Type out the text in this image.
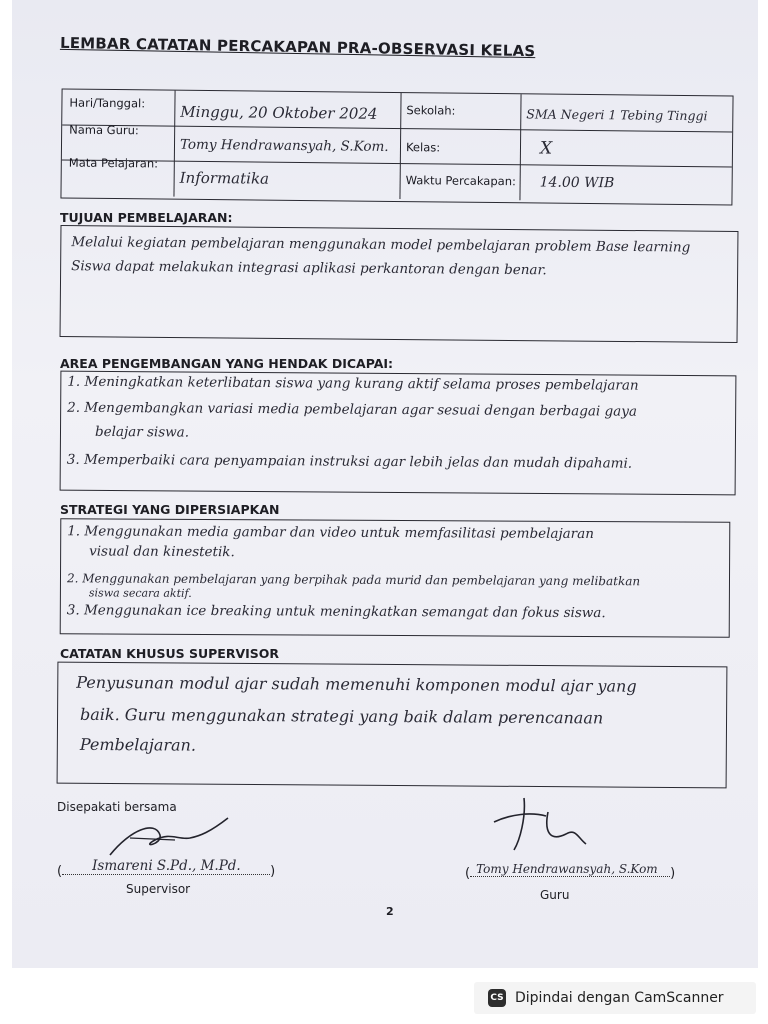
LEMBAR CATATAN PERCAKAPAN PRA-OBSERVASI KELAS
Hari/Tanggal:
Nama Guru:
Mata Pelajaran:
Minggu, 20 Oktober 2024
Tomy Hendrawansyah, S.Kom.
Informatika
Sekolah:
Kelas:
Waktu Percakapan:
SMA Negeri 1 Tebing Tinggi
X
14.00 WIB
TUJUAN PEMBELAJARAN:
Melalui kegiatan pembelajaran menggunakan model pembelajaran problem Base learning
Siswa dapat melakukan integrasi aplikasi perkantoran dengan benar.
AREA PENGEMBANGAN YANG HENDAK DICAPAI:
1. Meningkatkan keterlibatan siswa yang kurang aktif selama proses pembelajaran
2. Mengembangkan variasi media pembelajaran agar sesuai dengan berbagai gaya
belajar siswa.
3. Memperbaiki cara penyampaian instruksi agar lebih jelas dan mudah dipahami.
STRATEGI YANG DIPERSIAPKAN
1. Menggunakan media gambar dan video untuk memfasilitasi pembelajaran
visual dan kinestetik.
2. Menggunakan pembelajaran yang berpihak pada murid dan pembelajaran yang melibatkan
siswa secara aktif.
3. Menggunakan ice breaking untuk meningkatkan semangat dan fokus siswa.
CATATAN KHUSUS SUPERVISOR
Penyusunan modul ajar sudah memenuhi komponen modul ajar yang
baik. Guru menggunakan strategi yang baik dalam perencanaan
Pembelajaran.
Disepakati bersama
( Ismareni S.Pd., M.Pd. )
Supervisor
( Tomy Hendrawansyah, S.Kom )
Guru
2
CS Dipindai dengan CamScanner
